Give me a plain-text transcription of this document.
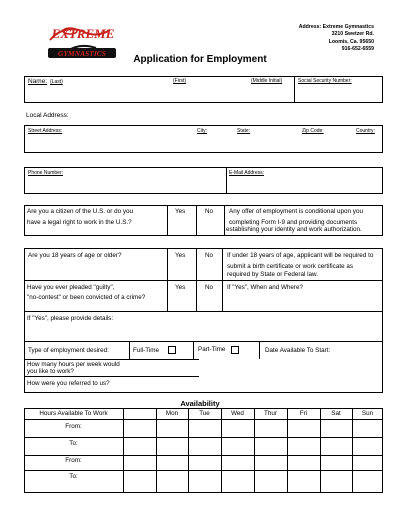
EXTREME
GYMNASTICS
Address: Extreme Gymnastics
3210 Swetzer Rd.
Loomis, Ca. 95650
916-652-6559
Application for Employment
Name: (Last)	(First)	(Middle Initial)	Social Security Number:
Local Address:
Street Address:	City:	State:	Zip Code:	Country:
Phone Number:	E-Mail Address:
Are you a citizen of the U.S. or do you
have a legal right to work in the U.S.?
Yes	No	Any offer of employment is conditional upon you
completing Form I-9 and providing documents
establishing your identity and work authorization.
Are you 18 years of age or older?	Yes	No If under 18 years of age, applicant will be required to
submit a birth certificate or work certificate as
required by State or Federal law.
Have you ever pleaded "guilty",
"no-contest" or been convicted of a crime?
Yes	No If "Yes", When and Where?
If "Yes", please provide details:
Type of employment desired:	Full-Time	Part-Time	Date Available To Start:
How many hours per week would
you like to work?
How were you referred to us?
Availability
Hours Available To Work	Mon	Tue	Wed	Thur	Fri	Sat	Sun
From:
To:
From:
To:
